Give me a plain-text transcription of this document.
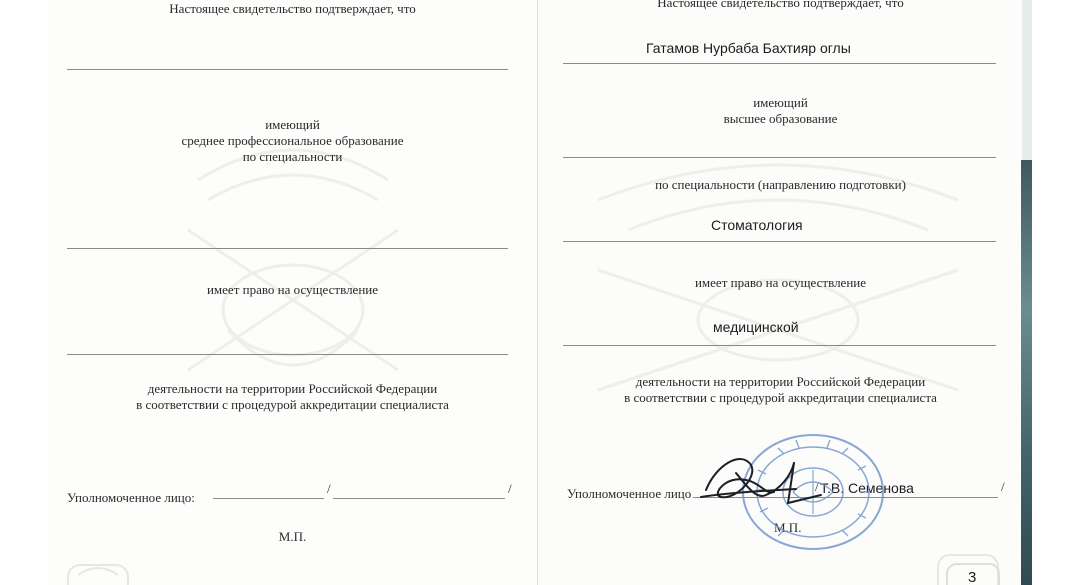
Настоящее свидетельство подтверждает, что
имеющий
среднее профессиональное образование
по специальности
имеет право на осуществление
деятельности на территории Российской Федерации
в соответствии с процедурой аккредитации специалиста
Уполномоченное лицо:
/	/
М.П.
Настоящее свидетельство подтверждает, что
Гатамов Нурбаба Бахтияр оглы
имеющий
высшее образование
по специальности (направлению подготовки)
Стоматология
имеет право на осуществление
медицинской
деятельности на территории Российской Федерации
в соответствии с процедурой аккредитации специалиста
Уполномоченное лицо	Т.В. Семенова
/	/
М.П.
3
